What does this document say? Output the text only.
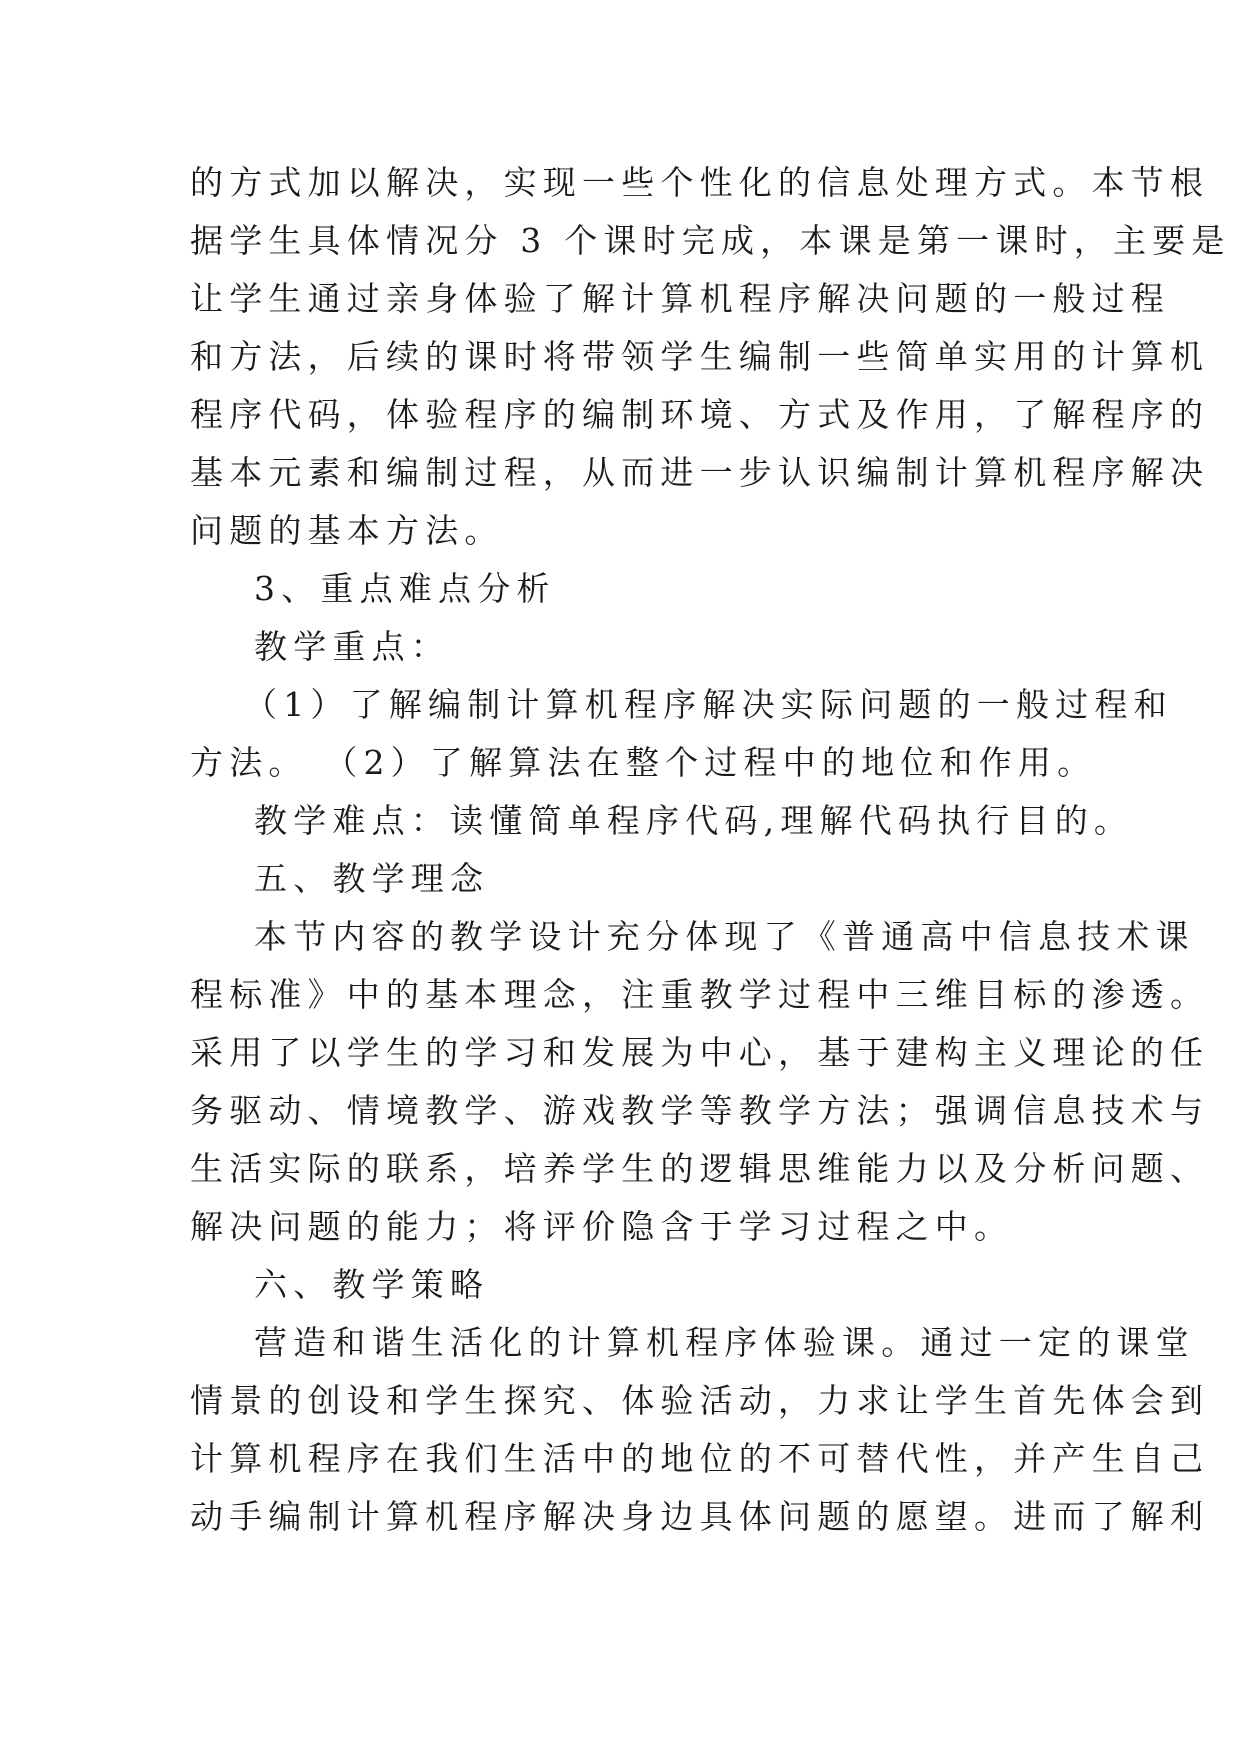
的方式加以解决，实现一些个性化的信息处理方式。本节根
据学生具体情况分 3 个课时完成，本课是第一课时，主要是
让学生通过亲身体验了解计算机程序解决问题的一般过程
和方法，后续的课时将带领学生编制一些简单实用的计算机
程序代码，体验程序的编制环境、方式及作用，了解程序的
基本元素和编制过程，从而进一步认识编制计算机程序解决
问题的基本方法。
3、重点难点分析
教学重点：
（1）了解编制计算机程序解决实际问题的一般过程和
方法。 （2）了解算法在整个过程中的地位和作用。
教学难点：读懂简单程序代码,理解代码执行目的。
五、教学理念
本节内容的教学设计充分体现了《普通高中信息技术课
程标准》中的基本理念，注重教学过程中三维目标的渗透。
采用了以学生的学习和发展为中心，基于建构主义理论的任
务驱动、情境教学、游戏教学等教学方法；强调信息技术与
生活实际的联系，培养学生的逻辑思维能力以及分析问题、
解决问题的能力；将评价隐含于学习过程之中。
六、教学策略
营造和谐生活化的计算机程序体验课。通过一定的课堂
情景的创设和学生探究、体验活动，力求让学生首先体会到
计算机程序在我们生活中的地位的不可替代性，并产生自己
动手编制计算机程序解决身边具体问题的愿望。进而了解利
